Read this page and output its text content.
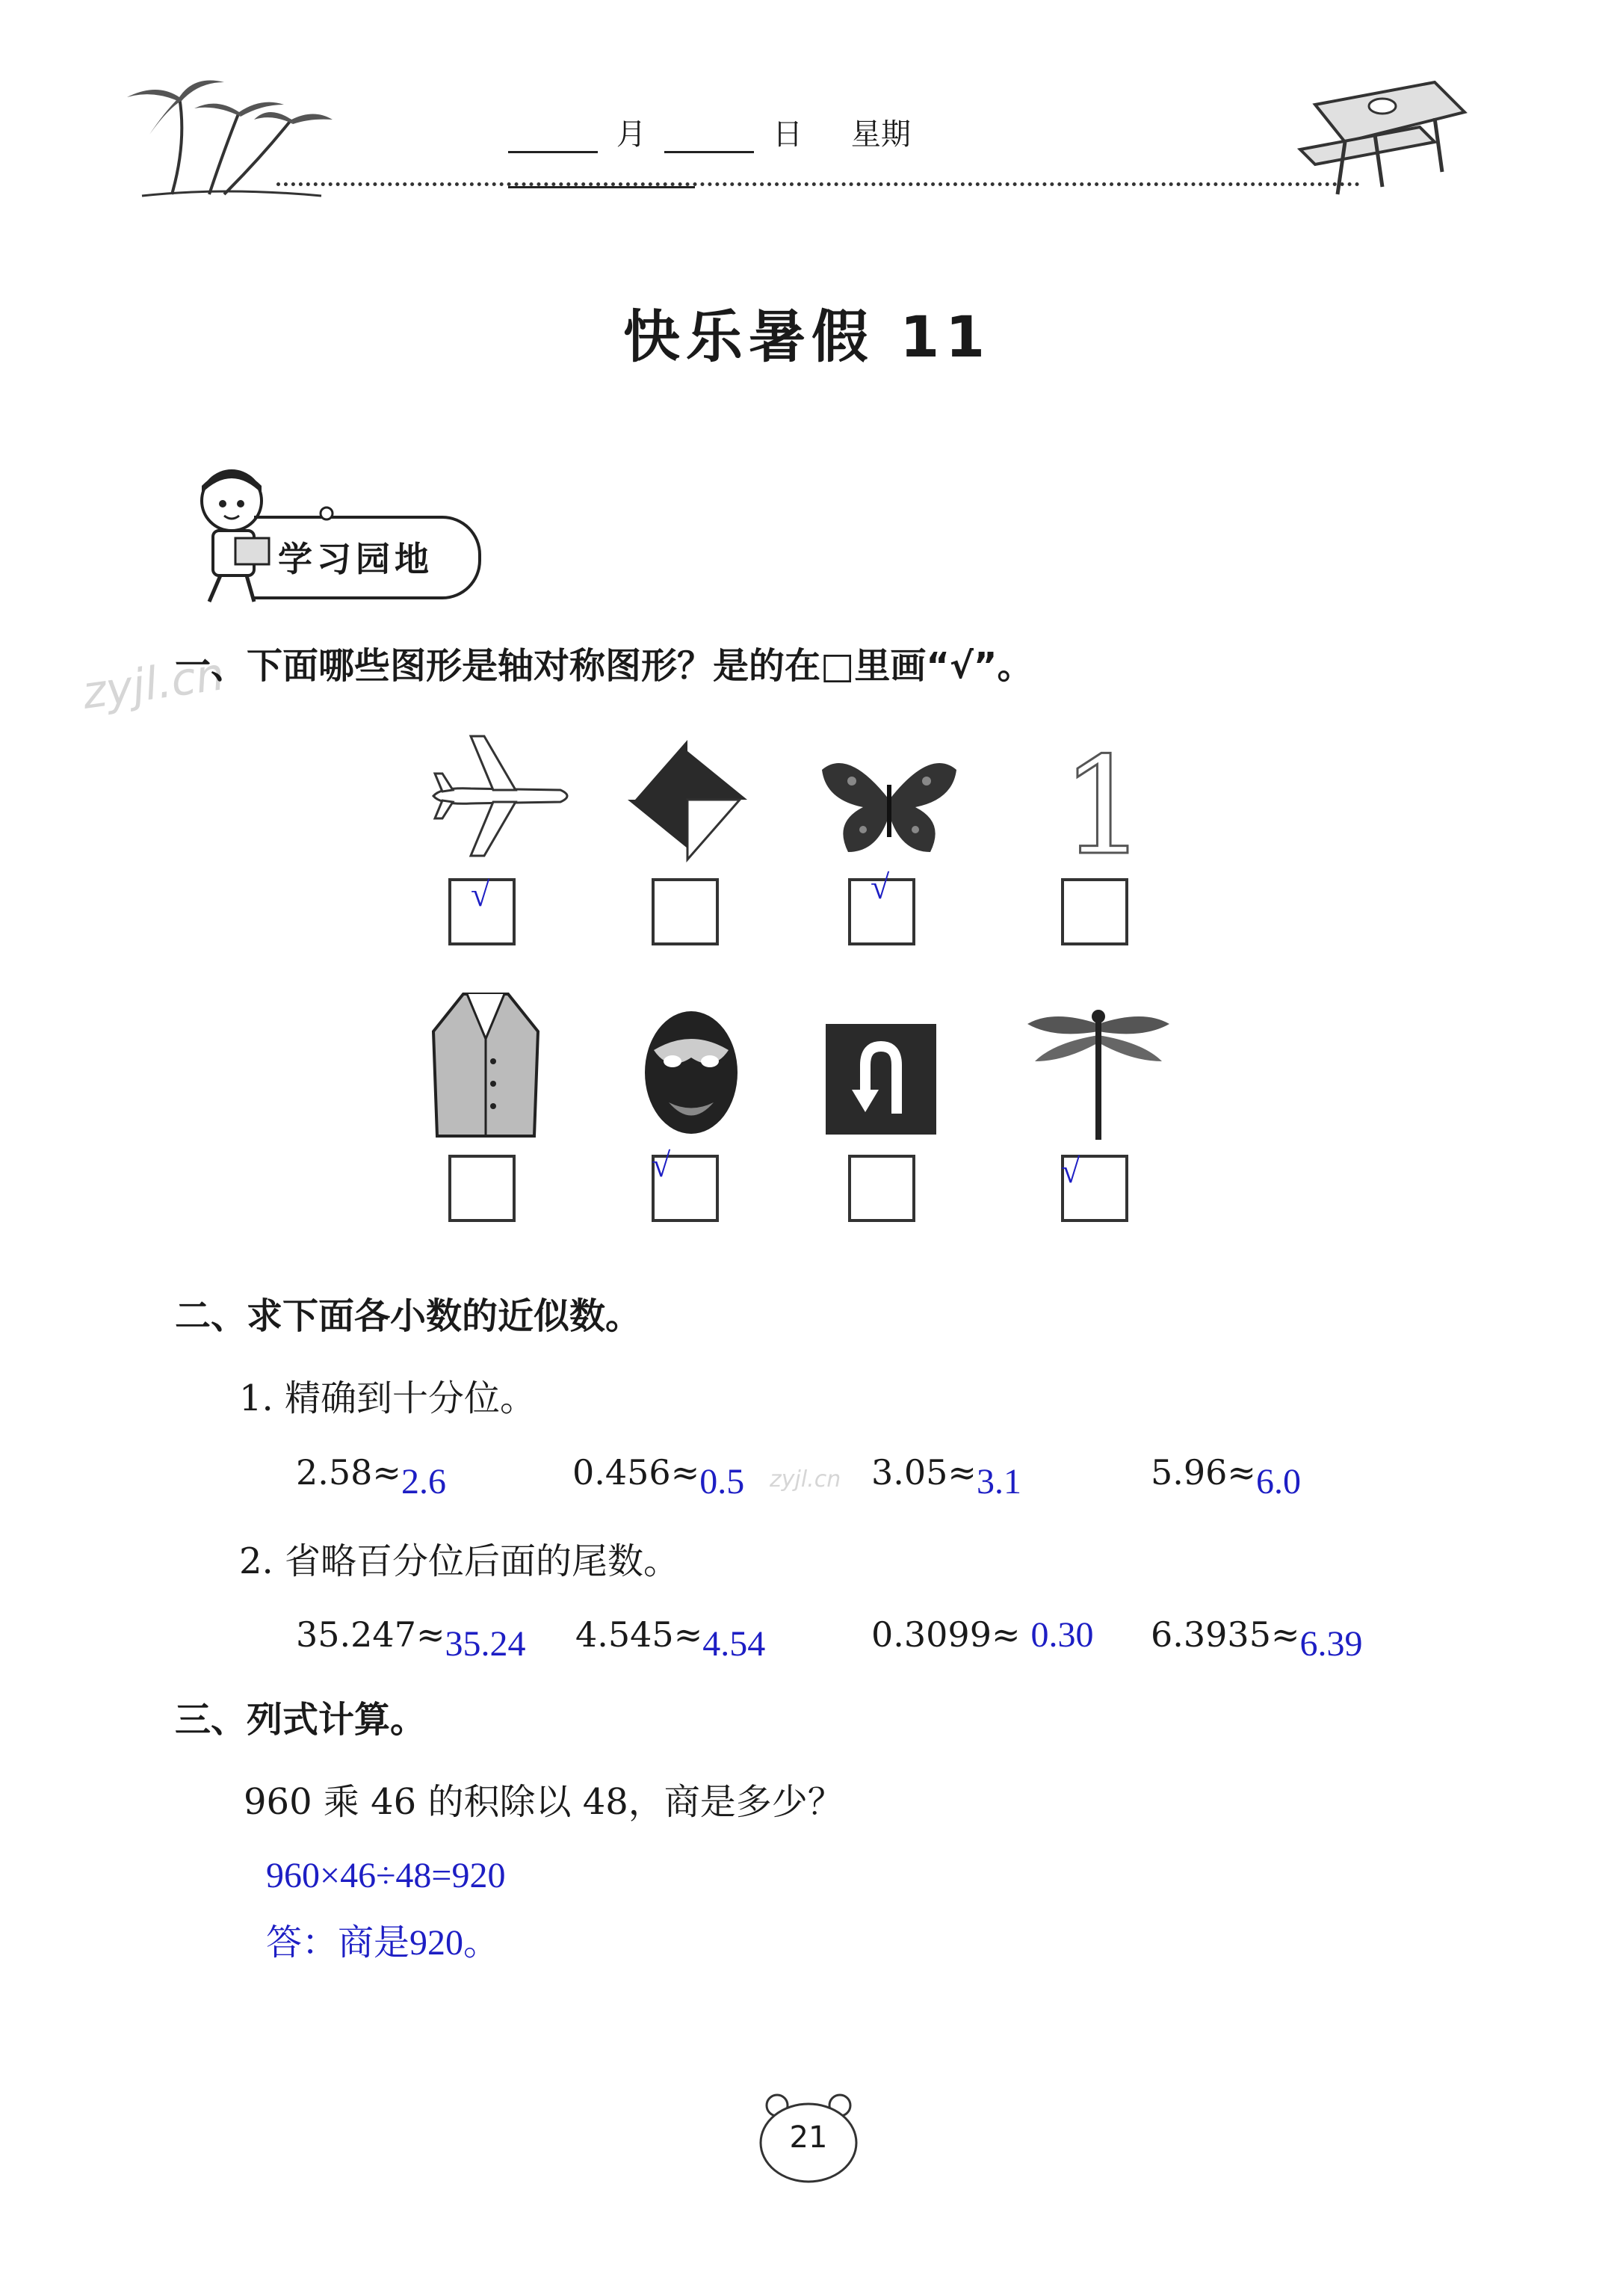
月	日 星期
快乐暑假 11
学习园地
zyjl.cn
一、下面哪些图形是轴对称图形？是的在□里画“√”。
1
√	√
√	√
二、求下面各小数的近似数。
1. 精确到十分位。
2.58≈2.6	0.456≈0.5	3.05≈3.1	5.96≈6.0
zyjl.cn
2. 省略百分位后面的尾数。
35.247≈35.24 4.545≈4.54	0.3099≈ 0.30 6.3935≈6.39
三、列式计算。
960 乘 46 的积除以 48，商是多少？
960×46÷48=920
答：商是920。
21
